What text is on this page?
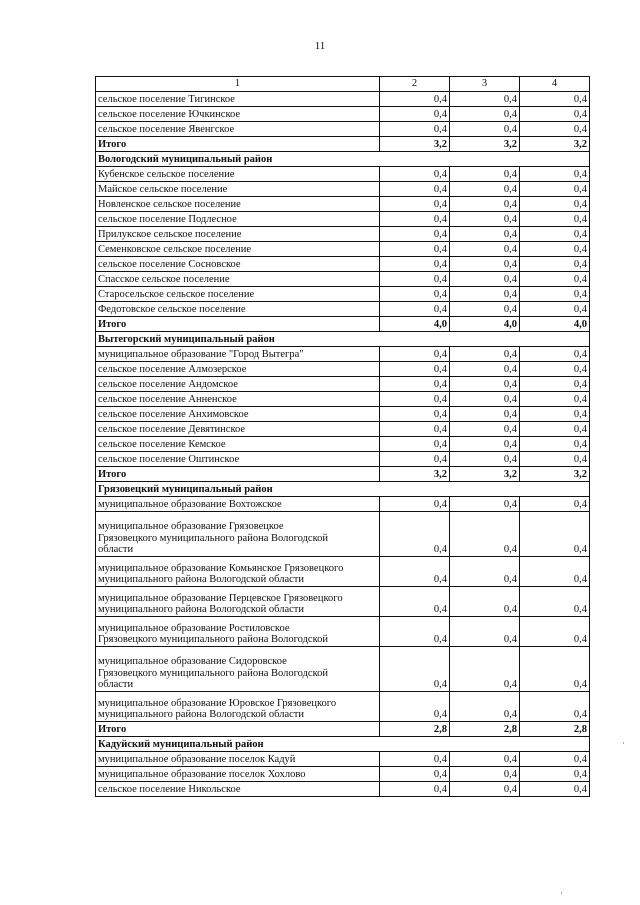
11
1	2	3	4

сельское поселение Тигинское	0,4	0,4	0,4

сельское поселение Ючкинское	0,4	0,4	0,4

сельское поселение Явенгское	0,4	0,4	0,4
Итого	3,2	3,2	3,2
Вологодский муниципальный район			

Кубенское сельское поселение	0,4	0,4	0,4

Майское сельское поселение	0,4	0,4	0,4

Новленское сельское поселение	0,4	0,4	0,4

сельское поселение Подлесное	0,4	0,4	0,4

Прилукское сельское поселение	0,4	0,4	0,4

Семенковское сельское поселение	0,4	0,4	0,4

сельское поселение Сосновское	0,4	0,4	0,4

Спасское сельское поселение	0,4	0,4	0,4

Старосельское сельское поселение	0,4	0,4	0,4

Федотовское сельское поселение	0,4	0,4	0,4
Итого	4,0	4,0	4,0
Вытегорский муниципальный район			

муниципальное образование "Город Вытегра"	0,4	0,4	0,4

сельское поселение Алмозерское	0,4	0,4	0,4

сельское поселение Андомское	0,4	0,4	0,4

сельское поселение Анненское	0,4	0,4	0,4

сельское поселение Анхимовское	0,4	0,4	0,4

сельское поселение Девятинское	0,4	0,4	0,4

сельское поселение Кемское	0,4	0,4	0,4

сельское поселение Оштинское	0,4	0,4	0,4
Итого	3,2	3,2	3,2
Грязовецкий муниципальный район			

муниципальное образование Вохтожское	0,4	0,4	0,4

муниципальное образование Грязовецкое
Грязовецкого муниципального района Вологодской
области	0,4	0,4	0,4

муниципальное образование Комьянское Грязовецкого
муниципального района Вологодской области	0,4	0,4	0,4

муниципальное образование Перцевское Грязовецкого
муниципального района Вологодской области	0,4	0,4	0,4

муниципальное образование Ростиловское
Грязовецкого муниципального района Вологодской	0,4	0,4	0,4

муниципальное образование Сидоровское
Грязовецкого муниципального района Вологодской
области	0,4	0,4	0,4

муниципальное образование Юровское Грязовецкого
муниципального района Вологодской области	0,4	0,4	0,4
Итого	2,8	2,8	2,8
Кадуйский муниципальный район			

муниципальное образование поселок Кадуй	0,4	0,4	0,4

муниципальное образование поселок Хохлово	0,4	0,4	0,4

сельское поселение Никольское	0,4	0,4	0,4
·
·
